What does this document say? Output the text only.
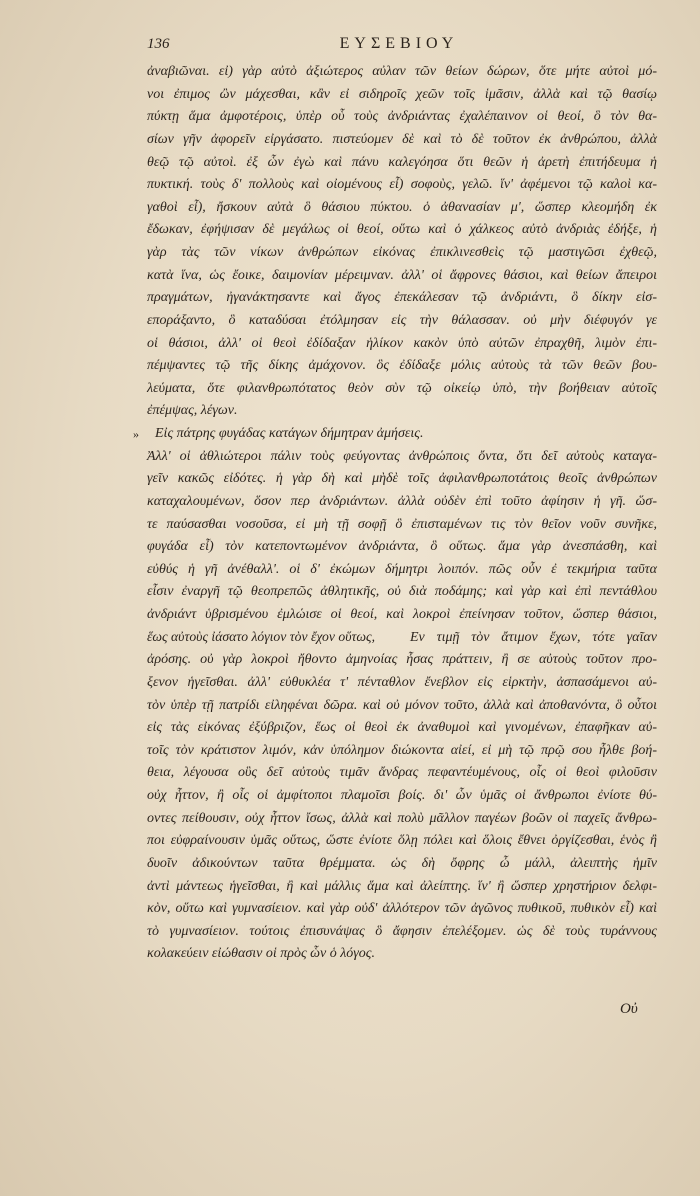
136	ΕΥΣΕΒΙΟΥ
»
ἀναβιῶναι. εἰ) γὰρ αὐτὸ ἀξιώτερος αὐλαν τῶν θείων δώρων, ὅτε μήτε αὐτοὶ μό-
νοι ἐπιμος ὢν μάχεσθαι, κἂν εἰ σιδηροῖς χεῶν τοῖς ἱμᾶσιν, ἀλλὰ καὶ τῷ θασίῳ
πύκτῃ ἅμα ἀμφοτέροις, ὑπὲρ οὗ τοὺς ἀνδριάντας ἐχαλέπαινον οἱ θεοί, ὃ τὸν θα-
σίων γῆν ἀφορεῖν εἰργάσατο. πιστεύομεν δὲ καὶ τὸ δὲ τοῦτον ἐκ ἀνθρώπου, ἀλλὰ
θεῷ τῷ αὐτοὶ. ἐξ ὧν ἐγὼ καὶ πάνυ καλεγόησα ὅτι θεῶν ἡ ἀρετὴ ἐπιτήδευμα ἡ
πυκτική. τοὺς δ' πολλοὺς καὶ οἰομένους εἶ) σοφοὺς, γελῶ. ἵν' ἀφέμενοι τῷ καλοὶ κα-
γαθοὶ εἶ), ἤσκουν αὐτὰ ὃ θάσιου πύκτου. ὁ ἀθανασίαν μ', ὥσπερ κλεομήδη ἐκ
ἔδωκαν, ἐφήψισαν δὲ μεγάλως οἱ θεοί, οὕτω καὶ ὁ χάλκεος αὐτὸ ἀνδριὰς ἐδήξε, ἡ
γὰρ τὰς τῶν νίκων ἀνθρώπων εἰκόνας ἐπικλινεσθεὶς τῷ μαστιγῶσι ἐχθεῷ,
κατὰ ἵνα, ὡς ἔοικε, δαιμονίαν μέρειμναν. ἀλλ' οἱ ἄφρονες θάσιοι, καὶ θείων ἄπειροι
πραγμάτων, ἠγανάκτησαντε καὶ ἄγος ἐπεκάλεσαν τῷ ἀνδριάντι, ὃ δίκην εἰσ-
εποράξαντο, ὃ καταδύσαι ἐτόλμησαν εἰς τὴν θάλασσαν. οὐ μὴν διέφυγόν γε
οἱ θάσιοι, ἀλλ' οἱ θεοὶ ἐδίδαξαν ἡλίκον κακὸν ὑπὸ αὐτῶν ἐπραχθῆ, λιμὸν ἐπι-
πέμψαντες τῷ τῆς δίκης ἀμάχονον. ὃς ἐδίδαξε μόλις αὐτοὺς τὰ τῶν θεῶν βου-
λεύματα, ὅτε φιλανθρωπότατος θεὸν σὺν τῷ οἰκείῳ ὑπὸ, τὴν βοήθειαν αὐτοῖς
ἐπέμψας, λέγων.
Εἰς πάτρης φυγάδας κατάγων δήμητραν ἀμήσεις.
Ἀλλ' οἱ ἀθλιώτεροι πάλιν τοὺς φεύγοντας ἀνθρώποις ὄντα, ὅτι δεῖ αὐτοὺς καταγα-
γεῖν κακῶς εἰδότες. ἡ γὰρ δὴ καὶ μὴδὲ τοῖς ἀφιλανθρωποτάτοις θεοῖς ἀνθρώπων
καταχαλουμένων, ὅσον περ ἀνδριάντων. ἀλλὰ οὐδὲν ἐπὶ τοῦτο ἀφίησιν ἡ γῆ. ὥσ-
τε παύσασθαι νοσοῦσα, εἰ μὴ τῇ σοφῇ ὃ ἐπισταμένων τις τὸν θεῖον νοῦν συνῆκε,
φυγάδα εἶ) τὸν κατεποντωμένον ἀνδριάντα, ὃ οὕτως. ἅμα γὰρ ἀνεσπάσθη, καὶ
εὐθύς ἡ γῆ ἀνέθαλλ'. οἱ δ' ἐκώμων δήμητρι λοιπόν. πῶς οὖν ἐ τεκμήρια ταῦτα
εἶσιν ἐναργῆ τῷ θεοπρεπῶς ἀθλητικῆς, οὐ διὰ ποδάμης; καὶ γὰρ καὶ ἐπὶ πεντάθλου
ἀνδριάντ ὑβρισμένου ἐμλώισε οἱ θεοί, καὶ λοκροὶ ἐπείνησαν τοῦτον, ὥσπερ θάσιοι,
ἕως αὐτοὺς ἰάσατο λόγιον τὸν ἔχον οὕτως,	Εν τιμῇ τὸν ἄτιμον ἔχων, τότε γαῖαν
ἀρόσης. οὐ γὰρ λοκροὶ ἤθοντο ἀμηνοίας ἦσας πράττειν, ἢ σε αὐτοὺς τοῦτον προ-
ξενον ἡγεῖσθαι. ἀλλ' εὐθυκλέα τ' πένταθλον ἔνεβλον εἰς εἱρκτὴν, ἀσπασάμενοι αὐ-
τὸν ὑπὲρ τῇ πατρίδι εἰληφέναι δῶρα. καὶ οὐ μόνον τοῦτο, ἀλλὰ καὶ ἀποθανόντα, ὃ οὗτοι
εἰς τὰς εἰκόνας ἐξύβριζον, ἕως οἱ θεοὶ ἐκ ἀναθυμοὶ καὶ γινομένων, ἐπαφῆκαν αὐ-
τοῖς τὸν κράτιστον λιμόν, κἀν ὑπόλημον διώκοντα αἰεί, εἰ μὴ τῷ πρῷ σου ἦλθε βοή-
θεια, λέγουσα οὓς δεῖ αὐτοὺς τιμᾶν ἄνδρας πεφαντέυμένους, οἷς οἱ θεοὶ φιλοῦσιν
οὐχ ἧττον, ἢ οἷς οἱ ἀμφίτοποι πλαμοῖσι βοίς. δι' ὧν ὑμᾶς οἱ ἄνθρωποι ἐνίοτε θύ-
οντες πείθουσιν, οὐχ ἧττον ἴσως, ἀλλὰ καὶ πολὺ μᾶλλον παγέων βοῶν οἱ παχεῖς ἄνθρω-
ποι εὐφραίνουσιν ὑμᾶς οὕτως, ὥστε ἐνίοτε ὅλῃ πόλει καὶ ὅλοις ἔθνει ὀργίζεσθαι, ἑνὸς ἢ
δυοῖν ἀδικούντων ταῦτα θρέμματα. ὡς δὴ ὄφρης ὦ μάλλ, ἀλειπτὴς ἡμῖν
ἀντὶ μάντεως ἡγεῖσθαι, ἢ καὶ μάλλις ἅμα καὶ ἀλείπτης. ἵν' ἢ ὥσπερ χρηστήριον δελφι-
κὸν, οὕτω καὶ γυμνασίειον. καὶ γὰρ οὐδ' ἀλλότερον τῶν ἀγῶνος πυθικοῦ, πυθικὸν εἶ) καὶ
τὸ γυμνασίειον. τούτοις ἐπισυνάψας ὃ ἄφησιν ἐπελέξομεν. ὡς δὲ τοὺς τυράννους
κολακεύειν εἰώθασιν οἱ πρὸς ὧν ὁ λόγος.
Οὐ
